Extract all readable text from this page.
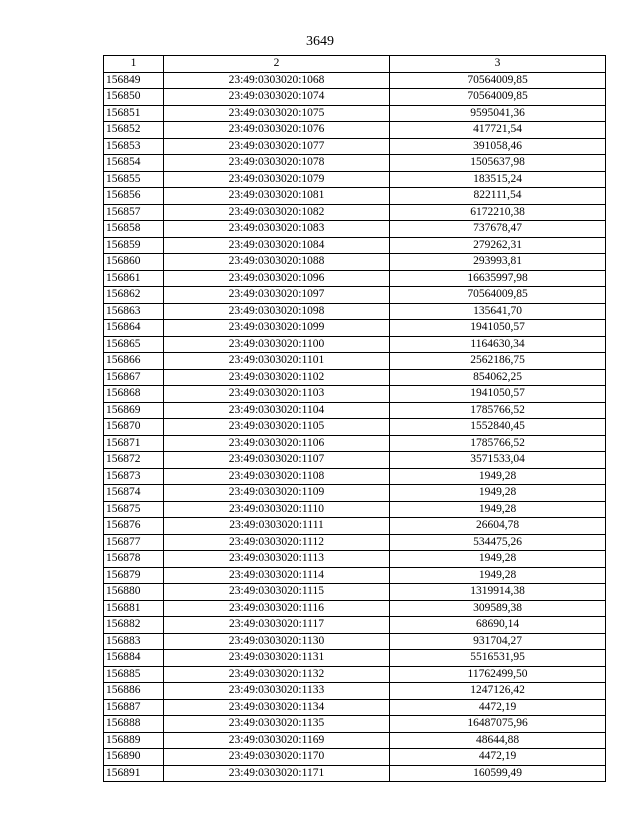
3649
1	2	3
156849	23:49:0303020:1068	70564009,85
156850	23:49:0303020:1074	70564009,85
156851	23:49:0303020:1075	9595041,36
156852	23:49:0303020:1076	417721,54
156853	23:49:0303020:1077	391058,46
156854	23:49:0303020:1078	1505637,98
156855	23:49:0303020:1079	183515,24
156856	23:49:0303020:1081	822111,54
156857	23:49:0303020:1082	6172210,38
156858	23:49:0303020:1083	737678,47
156859	23:49:0303020:1084	279262,31
156860	23:49:0303020:1088	293993,81
156861	23:49:0303020:1096	16635997,98
156862	23:49:0303020:1097	70564009,85
156863	23:49:0303020:1098	135641,70
156864	23:49:0303020:1099	1941050,57
156865	23:49:0303020:1100	1164630,34
156866	23:49:0303020:1101	2562186,75
156867	23:49:0303020:1102	854062,25
156868	23:49:0303020:1103	1941050,57
156869	23:49:0303020:1104	1785766,52
156870	23:49:0303020:1105	1552840,45
156871	23:49:0303020:1106	1785766,52
156872	23:49:0303020:1107	3571533,04
156873	23:49:0303020:1108	1949,28
156874	23:49:0303020:1109	1949,28
156875	23:49:0303020:1110	1949,28
156876	23:49:0303020:1111	26604,78
156877	23:49:0303020:1112	534475,26
156878	23:49:0303020:1113	1949,28
156879	23:49:0303020:1114	1949,28
156880	23:49:0303020:1115	1319914,38
156881	23:49:0303020:1116	309589,38
156882	23:49:0303020:1117	68690,14
156883	23:49:0303020:1130	931704,27
156884	23:49:0303020:1131	5516531,95
156885	23:49:0303020:1132	11762499,50
156886	23:49:0303020:1133	1247126,42
156887	23:49:0303020:1134	4472,19
156888	23:49:0303020:1135	16487075,96
156889	23:49:0303020:1169	48644,88
156890	23:49:0303020:1170	4472,19
156891	23:49:0303020:1171	160599,49
